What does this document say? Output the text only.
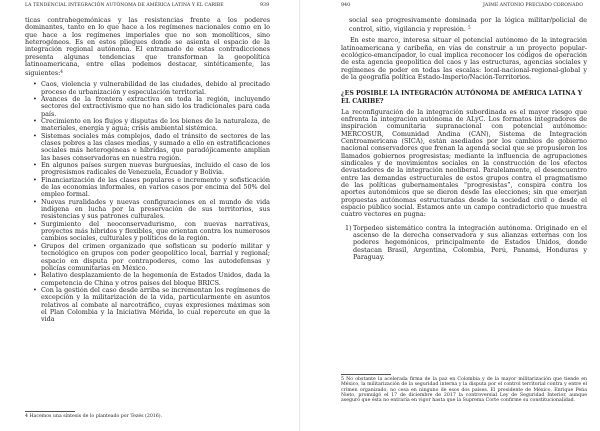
LA TENDENCIAL INTEGRACIÓN AUTÓNOMA DE AMÉRICA LATINA Y EL CARIBE	939

ticas contrahegemónicas y las resistencias frente a los poderes dominantes, tanto en lo que hace a los regímenes nacionales como en lo que hace a los regímenes imperiales que no son monolíticos, sino heterogéneos. Es en estos pliegues donde se asienta el espacio de la integración regional autónoma. El entramado de estas contradicciones presenta algunas tendencias que transforman la geopolítica latinoamericana, entre ellas podemos destacar, sintéticamente, las siguientes:$^4$

• Caos, violencia y vulnerabilidad de las ciudades, debido al precitado proceso de urbanización y especulación territorial.
• Avances de la frontera extractiva en toda la región, incluyendo sectores del extractivismo que no han sido los tradicionales para cada país.
• Crecimiento en los flujos y disputas de los bienes de la naturaleza, de materiales, energía y agua; crisis ambiental sistémica.
• Sistemas sociales más complejos, dado el tránsito de sectores de las clases pobres a las clases medias, y sumado a ello en estratificaciones sociales más heterogéneas e híbridas, que paradójicamente amplían las bases conservadoras en nuestra región.
• En algunos países surgen nuevas burguesías, incluido el caso de los progresismos radicales de Venezuela, Ecuador y Bolivia.
• Financiarización de las clases populares e incremento y sofisticación de las economías informales, en varios casos por encima del 50% del empleo formal.
• Nuevas ruralidades y nuevas configuraciones en el mundo de vida indígena en lucha por la preservación de sus territorios, sus resistencias y sus patrones culturales.
• Surgimiento del neoconservadurismo, con nuevas narrativas, proyectos más híbridos y flexibles, que orientan contra los numerosos cambios sociales, culturales y políticos de la región.
• Grupos del crimen organizado que sofistican su poderío militar y tecnológico en grupos con poder geopolítico local, barrial y regional; espacio en disputa por contrapoderes, como las autodefensas y policías comunitarias en México.
• Relativo desplazamiento de la hegemonía de Estados Unidos, dada la competencia de China y otros países del bloque BRICS.
• Con la gestión del caso desde arriba se incrementan los regímenes de excepción y la militarización de la vida, particularmente en asuntos relativos al combate al narcotráfico, cuyas expresiones máximas son el Plan Colombia y la Iniciativa Mérida, lo cual repercute en que la vida
4 Hacemos una síntesis de lo planteado por Tezés (2016).
940	JAIME ANTONIO PRECIADO CORONADO

social sea progresivamente dominada por la lógica militar/policial de control, sitio, vigilancia y represión. $^5$

En este marco, interesa situar el potencial autónomo de la integración latinoamericana y caribeña, en vías de construir a un proyecto popular-ecológico-emancipador, lo cual implica reconocer los códigos de operación de esta agencia geopolítica del caos y las estructuras, agencias sociales y regímenes de poder en todas las escalas: local-nacional-regional-global y de la geografía política Estado-Imperio/Nación-Territorios.

¿ES POSIBLE LA INTEGRACIÓN AUTÓNOMA DE AMÉRICA LATINA Y EL CARIBE?

La reconfiguración de la integración subordinada es el mayor riesgo que enfrenta la integración autónoma de ALyC. Los formatos integradores de inspiración comunitaria supranacional con potencial autónomo: MERCOSUR, Comunidad Andina (CAN), Sistema de Integración Centroamericana (SICA), están asediados por los cambios de gobierno nacional conservadores que frenan la agenda social que se propusieron los llamados gobiernos progresistas; mediante la influencia de agrupaciones sindicales y de movimientos sociales en la construcción de los efectos devastadores de la integración neoliberal. Paralelamente, el desencuentro entre las demandas estructurales de estos grupos contra el pragmatismo de las políticas gubernamentales “progresistas”, conspira contra los aportes autonómicos que se dieron desde las elecciones; sin que emerjan propuestas autónomas estructuradas desde la sociedad civil o desde el espacio público social. Estamos ante un campo contradictorio que muestra cuatro vectores en pugna:

1) Torpedeo sistemático contra la integración autónoma. Originado en el ascenso de la derecha conservadora y sus alianzas externas con los poderes hegemónicos, principalmente de Estados Unidos, donde destacan Brasil, Argentina, Colombia, Perú, Panamá, Honduras y Paraguay.

5 No obstante la acelerada firma de la paz en Colombia y de la mayor militarización que tiende en México, la militarización de la seguridad interna y la disputa por el control territorial contra y entre el crimen organizado, no cesa en ninguno de esos dos países. El presidente de México, Enrique Peña Nieto, promulgó el 17 de diciembre de 2017 la controversial Ley de Seguridad Interior, aunque aseguró que ésta no entraría en vigor hasta que la Suprema Corte confirme su constitucionalidad.
